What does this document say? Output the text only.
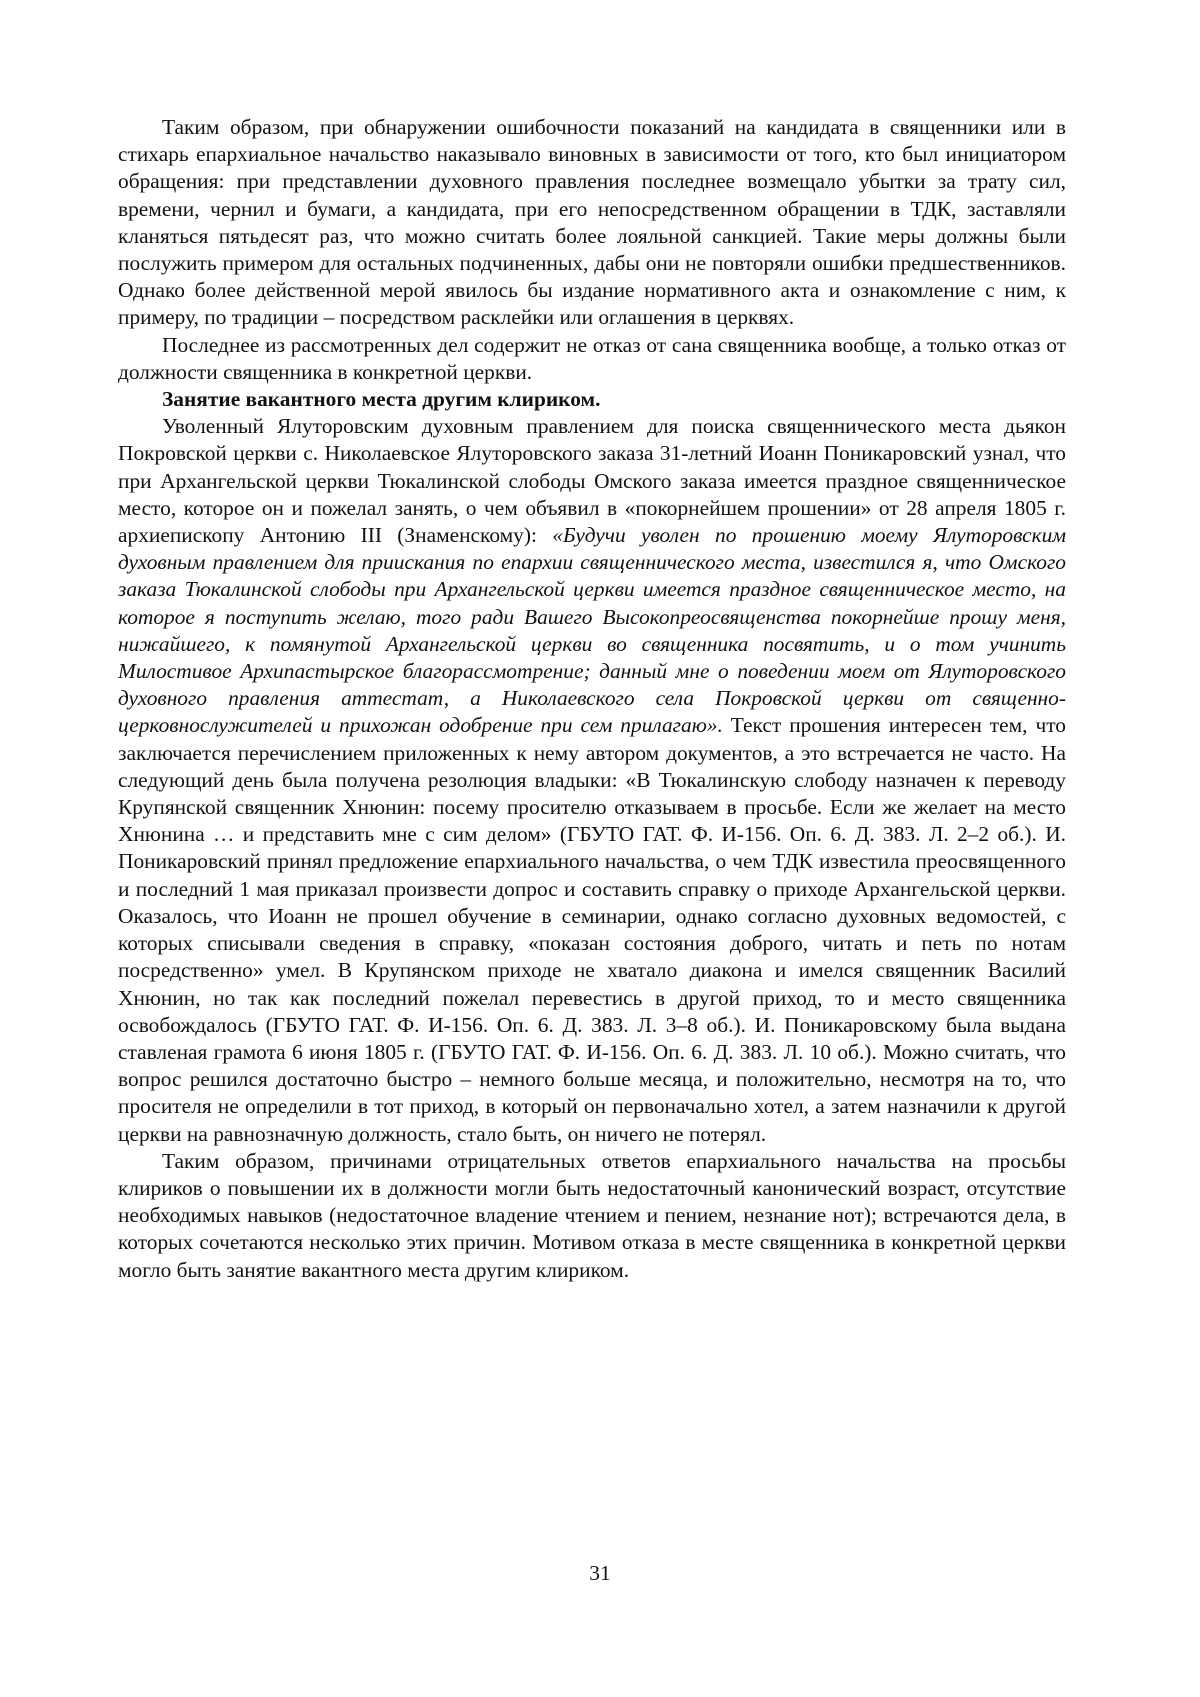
Таким образом, при обнаружении ошибочности показаний на кандидата в священники или в стихарь епархиальное начальство наказывало виновных в зависимости от того, кто был инициатором обращения: при представлении духовного правления последнее возмещало убытки за трату сил, времени, чернил и бумаги, а кандидата, при его непосредственном обращении в ТДК, заставляли кланяться пятьдесят раз, что можно считать более лояльной санкцией. Такие меры должны были послужить примером для остальных подчиненных, дабы они не повторяли ошибки предшественников. Однако более действенной мерой явилось бы издание нормативного акта и ознакомление с ним, к примеру, по традиции – посредством расклейки или оглашения в церквях.

Последнее из рассмотренных дел содержит не отказ от сана священника вообще, а только отказ от должности священника в конкретной церкви.

Занятие вакантного места другим клириком.

Уволенный Ялуторовским духовным правлением для поиска священнического места дьякон Покровской церкви с. Николаевское Ялуторовского заказа 31-летний Иоанн Поникаровский узнал, что при Архангельской церкви Тюкалинской слободы Омского заказа имеется праздное священническое место, которое он и пожелал занять, о чем объявил в «покорнейшем прошении» от 28 апреля 1805 г. архиепископу Антонию III (Знаменскому): «Будучи уволен по прошению моему Ялуторовским духовным правлением для приискания по епархии священнического места, известился я, что Омского заказа Тюкалинской слободы при Архангельской церкви имеется праздное священническое место, на которое я поступить желаю, того ради Вашего Высокопреосвященства покорнейше прошу меня, нижайшего, к помянутой Архангельской церкви во священника посвятить, и о том учинить Милостивое Архипастырское благорассмотрение; данный мне о поведении моем от Ялуторовского духовного правления аттестат, а Николаевского села Покровской церкви от священно-церковнослужителей и прихожан одобрение при сем прилагаю». Текст прошения интересен тем, что заключается перечислением приложенных к нему автором документов, а это встречается не часто. На следующий день была получена резолюция владыки: «В Тюкалинскую слободу назначен к переводу Крупянской священник Хнюнин: посему просителю отказываем в просьбе. Если же желает на место Хнюнина … и представить мне с сим делом» (ГБУТО ГАТ. Ф. И-156. Оп. 6. Д. 383. Л. 2–2 об.). И. Поникаровский принял предложение епархиального начальства, о чем ТДК известила преосвященного и последний 1 мая приказал произвести допрос и составить справку о приходе Архангельской церкви. Оказалось, что Иоанн не прошел обучение в семинарии, однако согласно духовных ведомостей, с которых списывали сведения в справку, «показан состояния доброго, читать и петь по нотам посредственно» умел. В Крупянском приходе не хватало диакона и имелся священник Василий Хнюнин, но так как последний пожелал перевестись в другой приход, то и место священника освобождалось (ГБУТО ГАТ. Ф. И-156. Оп. 6. Д. 383. Л. 3–8 об.). И. Поникаровскому была выдана ставленая грамота 6 июня 1805 г. (ГБУТО ГАТ. Ф. И-156. Оп. 6. Д. 383. Л. 10 об.). Можно считать, что вопрос решился достаточно быстро – немного больше месяца, и положительно, несмотря на то, что просителя не определили в тот приход, в который он первоначально хотел, а затем назначили к другой церкви на равнозначную должность, стало быть, он ничего не потерял.

Таким образом, причинами отрицательных ответов епархиального начальства на просьбы клириков о повышении их в должности могли быть недостаточный канонический возраст, отсутствие необходимых навыков (недостаточное владение чтением и пением, незнание нот); встречаются дела, в которых сочетаются несколько этих причин. Мотивом отказа в месте священника в конкретной церкви могло быть занятие вакантного места другим клириком.

31
